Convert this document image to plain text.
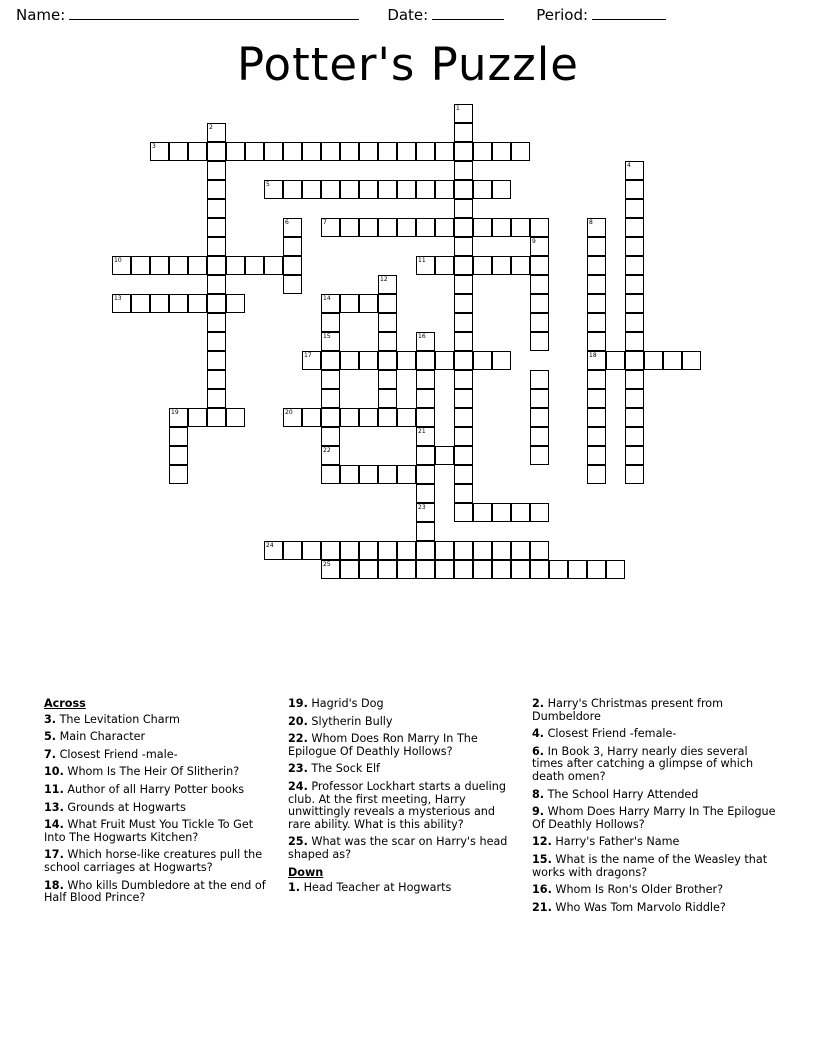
Name:	Date:	Period:
Potter's Puzzle
1
2
3
4
5
6	7	8
9
10	11
12
13	14
15	16
17	18
19	20
21
22
23
24
25
Across
3. The Levitation Charm
5. Main Character
7. Closest Friend -male-
10. Whom Is The Heir Of Slitherin?
11. Author of all Harry Potter books
13. Grounds at Hogwarts
14. What Fruit Must You Tickle To Get Into The Hogwarts Kitchen?
17. Which horse-like creatures pull the school carriages at Hogwarts?
18. Who kills Dumbledore at the end of Half Blood Prince?
19. Hagrid's Dog
20. Slytherin Bully
22. Whom Does Ron Marry In The Epilogue Of Deathly Hollows?
23. The Sock Elf
24. Professor Lockhart starts a dueling club. At the first meeting, Harry unwittingly reveals a mysterious and rare ability. What is this ability?
25. What was the scar on Harry's head shaped as?
Down
1. Head Teacher at Hogwarts
2. Harry's Christmas present from Dumbeldore
4. Closest Friend -female-
6. In Book 3, Harry nearly dies several times after catching a glimpse of which death omen?
8. The School Harry Attended
9. Whom Does Harry Marry In The Epilogue Of Deathly Hollows?
12. Harry's Father's Name
15. What is the name of the Weasley that works with dragons?
16. Whom Is Ron's Older Brother?
21. Who Was Tom Marvolo Riddle?
